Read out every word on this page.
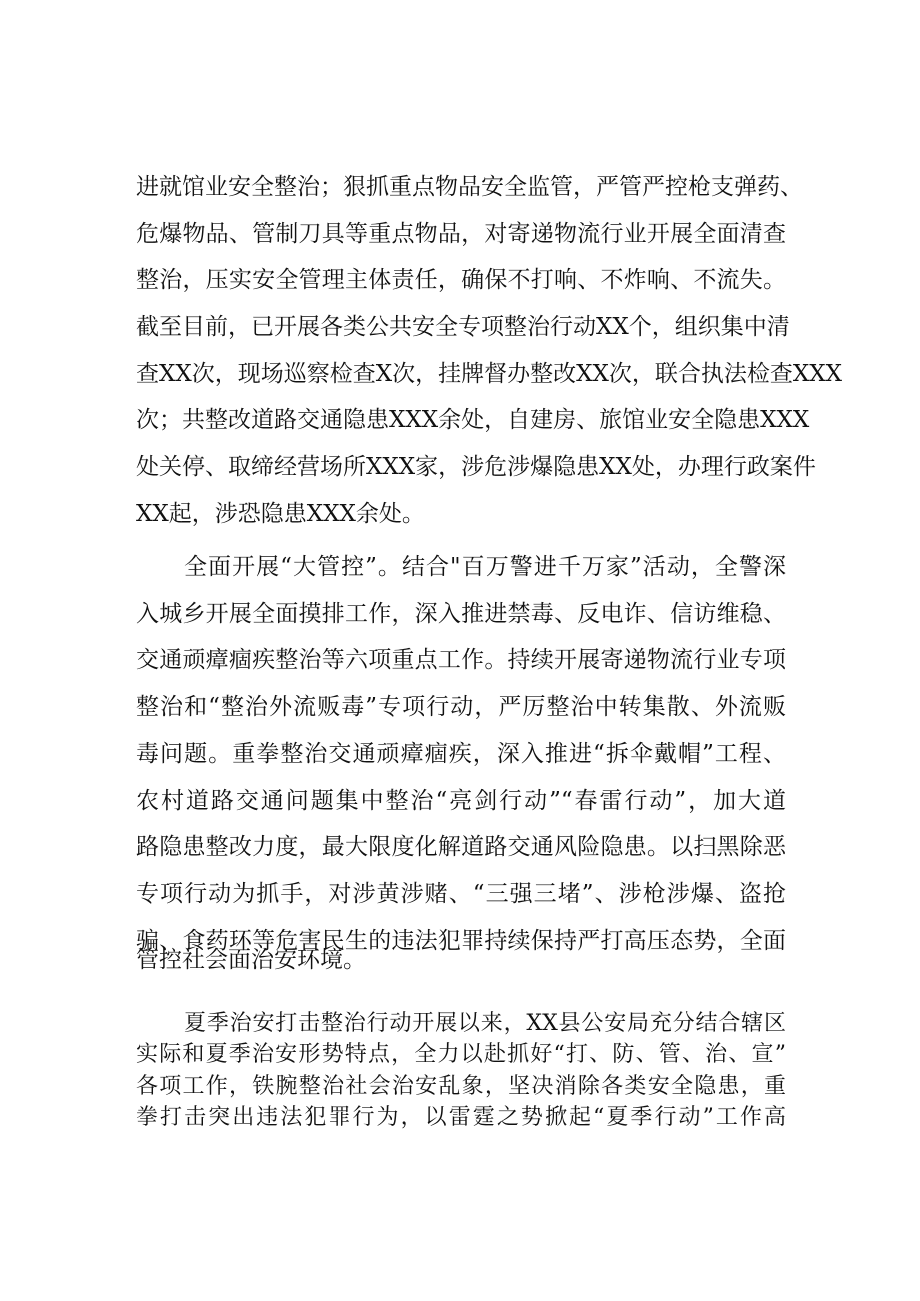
进就馆业安全整治；狠抓重点物品安全监管，严管严控枪支弹药、
危爆物品、管制刀具等重点物品，对寄递物流行业开展全面清查
整治，压实安全管理主体责任，确保不打响、不炸响、不流失。
截至目前，已开展各类公共安全专项整治行动XX个，组织集中清
查XX次，现场巡察检查X次，挂牌督办整改XX次，联合执法检查XXX
次；共整改道路交通隐患XXX余处，自建房、旅馆业安全隐患XXX
处关停、取缔经营场所XXX家，涉危涉爆隐患XX处，办理行政案件
XX起，涉恐隐患XXX余处。
全面开展“大管控”。结合"百万警进千万家”活动，全警深
入城乡开展全面摸排工作，深入推进禁毒、反电诈、信访维稳、
交通顽瘴痼疾整治等六项重点工作。持续开展寄递物流行业专项
整治和“整治外流贩毒”专项行动，严厉整治中转集散、外流贩
毒问题。重拳整治交通顽瘴痼疾，深入推进“拆伞戴帽”工程、
农村道路交通问题集中整治“亮剑行动”“春雷行动”，加大道
路隐患整改力度，最大限度化解道路交通风险隐患。以扫黑除恶
专项行动为抓手，对涉黄涉赌、“三强三堵”、涉枪涉爆、盗抢
骗、食药环等危害民生的违法犯罪持续保持严打高压态势，全面
管控社会面治安环境。
夏季治安打击整治行动开展以来，XX县公安局充分结合辖区
实际和夏季治安形势特点，全力以赴抓好“打、防、管、治、宣”
各项工作，铁腕整治社会治安乱象，坚决消除各类安全隐患，重
拳打击突出违法犯罪行为，以雷霆之势掀起“夏季行动”工作高
